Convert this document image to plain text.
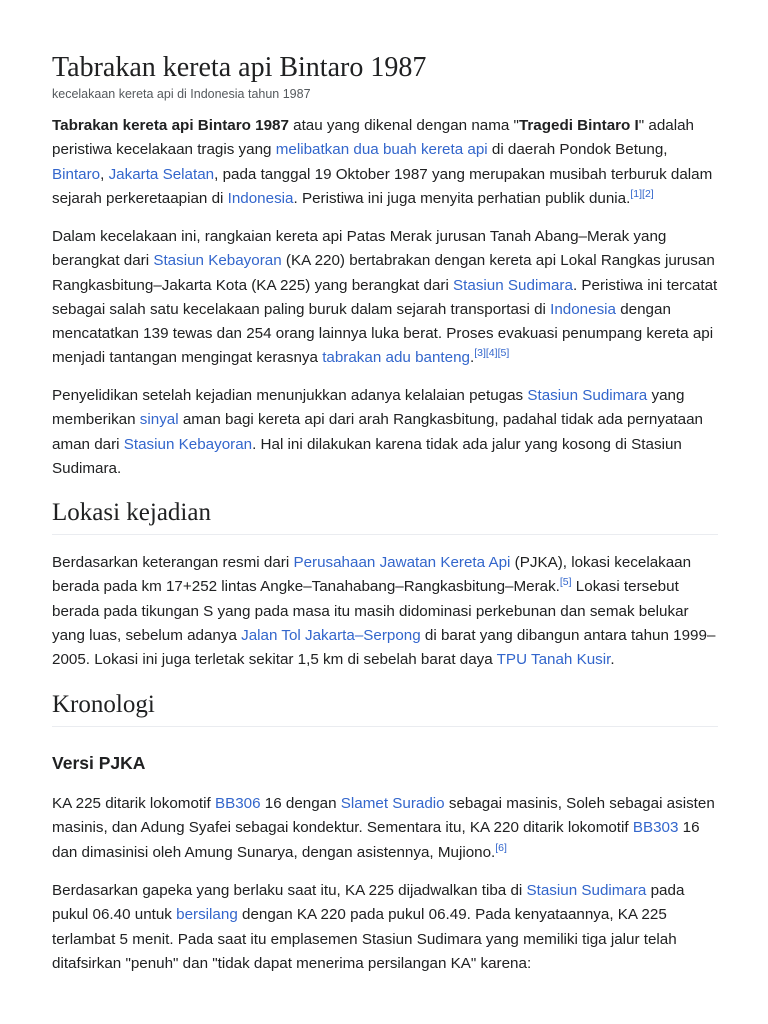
Tabrakan kereta api Bintaro 1987
kecelakaan kereta api di Indonesia tahun 1987

Tabrakan kereta api Bintaro 1987 atau yang dikenal dengan nama "Tragedi Bintaro I" adalah peristiwa kecelakaan tragis yang melibatkan dua buah kereta api di daerah Pondok Betung, Bintaro, Jakarta Selatan, pada tanggal 19 Oktober 1987 yang merupakan musibah terburuk dalam sejarah perkeretaapian di Indonesia. Peristiwa ini juga menyita perhatian publik dunia.[1][2]

Dalam kecelakaan ini, rangkaian kereta api Patas Merak jurusan Tanah Abang–Merak yang berangkat dari Stasiun Kebayoran (KA 220) bertabrakan dengan kereta api Lokal Rangkas jurusan Rangkasbitung–Jakarta Kota (KA 225) yang berangkat dari Stasiun Sudimara. Peristiwa ini tercatat sebagai salah satu kecelakaan paling buruk dalam sejarah transportasi di Indonesia dengan mencatatkan 139 tewas dan 254 orang lainnya luka berat. Proses evakuasi penumpang kereta api menjadi tantangan mengingat kerasnya tabrakan adu banteng.[3][4][5]

Penyelidikan setelah kejadian menunjukkan adanya kelalaian petugas Stasiun Sudimara yang memberikan sinyal aman bagi kereta api dari arah Rangkasbitung, padahal tidak ada pernyataan aman dari Stasiun Kebayoran. Hal ini dilakukan karena tidak ada jalur yang kosong di Stasiun Sudimara.

Lokasi kejadian

Berdasarkan keterangan resmi dari Perusahaan Jawatan Kereta Api (PJKA), lokasi kecelakaan berada pada km 17+252 lintas Angke–Tanahabang–Rangkasbitung–Merak.[5] Lokasi tersebut berada pada tikungan S yang pada masa itu masih didominasi perkebunan dan semak belukar yang luas, sebelum adanya Jalan Tol Jakarta–Serpong di barat yang dibangun antara tahun 1999–2005. Lokasi ini juga terletak sekitar 1,5 km di sebelah barat daya TPU Tanah Kusir.

Kronologi
Versi PJKA

KA 225 ditarik lokomotif BB306 16 dengan Slamet Suradio sebagai masinis, Soleh sebagai asisten masinis, dan Adung Syafei sebagai kondektur. Sementara itu, KA 220 ditarik lokomotif BB303 16 dan dimasinisi oleh Amung Sunarya, dengan asistennya, Mujiono.[6]

Berdasarkan gapeka yang berlaku saat itu, KA 225 dijadwalkan tiba di Stasiun Sudimara pada pukul 06.40 untuk bersilang dengan KA 220 pada pukul 06.49. Pada kenyataannya, KA 225 terlambat 5 menit. Pada saat itu emplasemen Stasiun Sudimara yang memiliki tiga jalur telah ditafsirkan "penuh" dan "tidak dapat menerima persilangan KA" karena:
